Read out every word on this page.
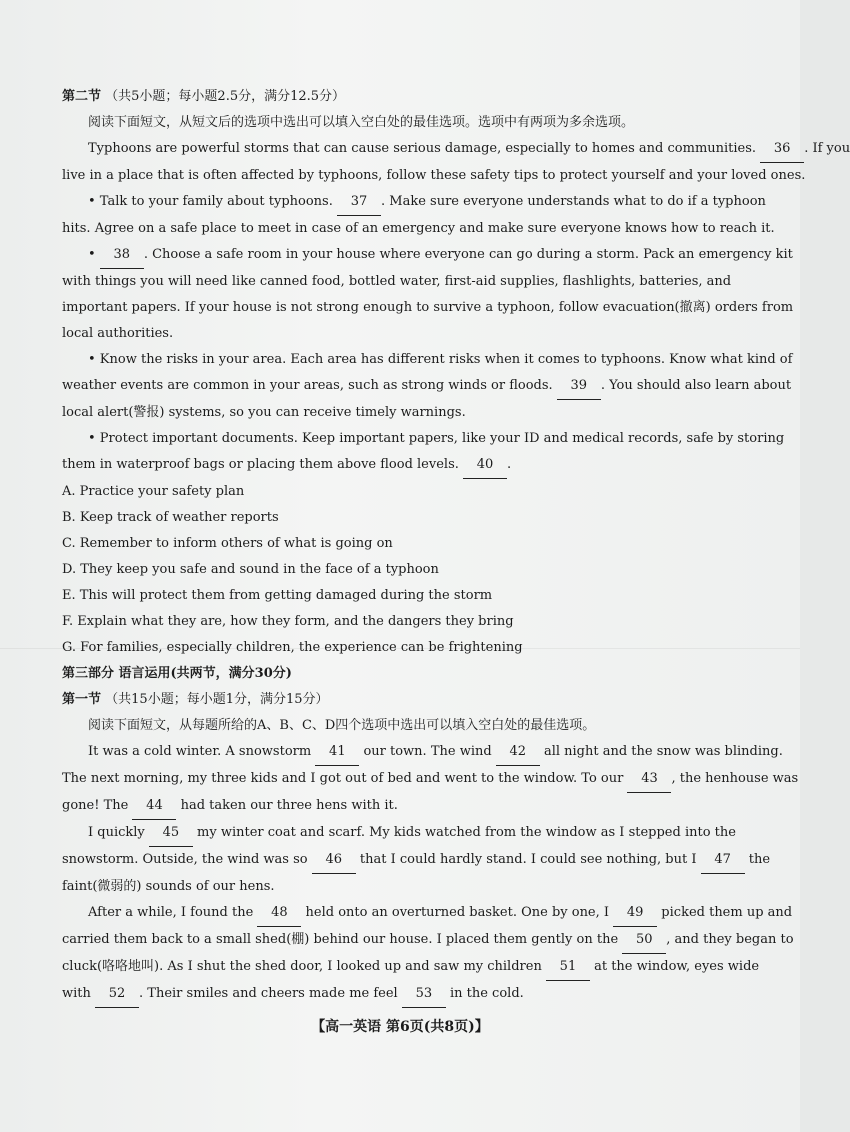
第二节 （共5小题；每小题2.5分，满分12.5分）
阅读下面短文，从短文后的选项中选出可以填入空白处的最佳选项。选项中有两项为多余选项。
Typhoons are powerful storms that can cause serious damage, especially to homes and communities. 36 . If you
live in a place that is often affected by typhoons, follow these safety tips to protect yourself and your loved ones.
• Talk to your family about typhoons. 37 . Make sure everyone understands what to do if a typhoon
hits. Agree on a safe place to meet in case of an emergency and make sure everyone knows how to reach it.
• 38 . Choose a safe room in your house where everyone can go during a storm. Pack an emergency kit
with things you will need like canned food, bottled water, first-aid supplies, flashlights, batteries, and
important papers. If your house is not strong enough to survive a typhoon, follow evacuation(撤离) orders from
local authorities.
• Know the risks in your area. Each area has different risks when it comes to typhoons. Know what kind of
weather events are common in your areas, such as strong winds or floods. 39 . You should also learn about
local alert(警报) systems, so you can receive timely warnings.
• Protect important documents. Keep important papers, like your ID and medical records, safe by storing
them in waterproof bags or placing them above flood levels. 40 .
A. Practice your safety plan
B. Keep track of weather reports
C. Remember to inform others of what is going on
D. They keep you safe and sound in the face of a typhoon
E. This will protect them from getting damaged during the storm
F. Explain what they are, how they form, and the dangers they bring
G. For families, especially children, the experience can be frightening
第三部分 语言运用(共两节，满分30分)
第一节 （共15小题；每小题1分，满分15分）
阅读下面短文，从每题所给的A、B、C、D四个选项中选出可以填入空白处的最佳选项。
It was a cold winter. A snowstorm 41 our town. The wind 42 all night and the snow was blinding.
The next morning, my three kids and I got out of bed and went to the window. To our 43 , the henhouse was
gone! The 44 had taken our three hens with it.
I quickly 45 my winter coat and scarf. My kids watched from the window as I stepped into the
snowstorm. Outside, the wind was so 46 that I could hardly stand. I could see nothing, but I 47 the
faint(微弱的) sounds of our hens.
After a while, I found the 48 held onto an overturned basket. One by one, I 49 picked them up and
carried them back to a small shed(棚) behind our house. I placed them gently on the 50 , and they began to
cluck(咯咯地叫). As I shut the shed door, I looked up and saw my children 51 at the window, eyes wide
with 52 . Their smiles and cheers made me feel 53 in the cold.
【高一英语 第6页(共8页)】
